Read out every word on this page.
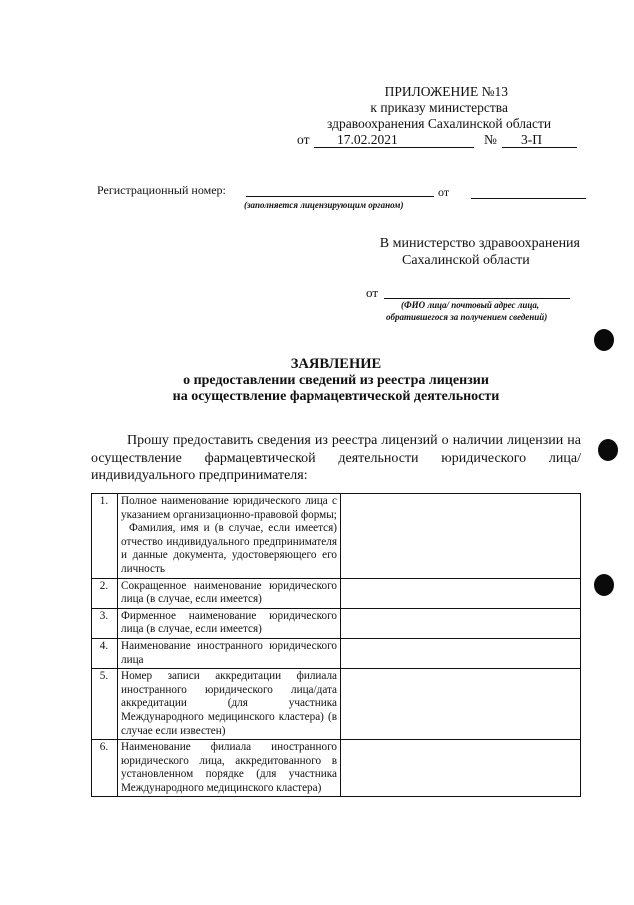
ПРИЛОЖЕНИЕ №13
к приказу министерства
здравоохранения Сахалинской области
от 17.02.2021	№ 3-П
Регистрационный номер:	от
(заполняется лицензирующим органом)
В министерство здравоохранения
Сахалинской области
от
(ФИО лица/ почтовый адрес лица,
обратившегося за получением сведений)
ЗАЯВЛЕНИЕ
о предоставлении сведений из реестра лицензии
на осуществление фармацевтической деятельности
Прошу предоставить сведения из реестра лицензий о наличии лицензии на осуществление фармацевтической деятельности юридического лица/индивидуального предпринимателя:
1.	Полное наименование юридического лица с указанием организационно-правовой формы;
Фамилия, имя и (в случае, если имеется) отчество индивидуального предпринимателя и данные документа, удостоверяющего его личность	

2.	Сокращенное наименование юридического лица (в случае, если имеется)	
3.	Фирменное наименование юридического лица (в случае, если имеется)	
4.	Наименование иностранного юридического лица	
5.	Номер записи аккредитации филиала иностранного юридического лица/дата аккредитации (для участника Международного медицинского кластера) (в случае если известен)	
6.	Наименование филиала иностранного юридического лица, аккредитованного в установленном порядке (для участника Международного медицинского кластера)	
